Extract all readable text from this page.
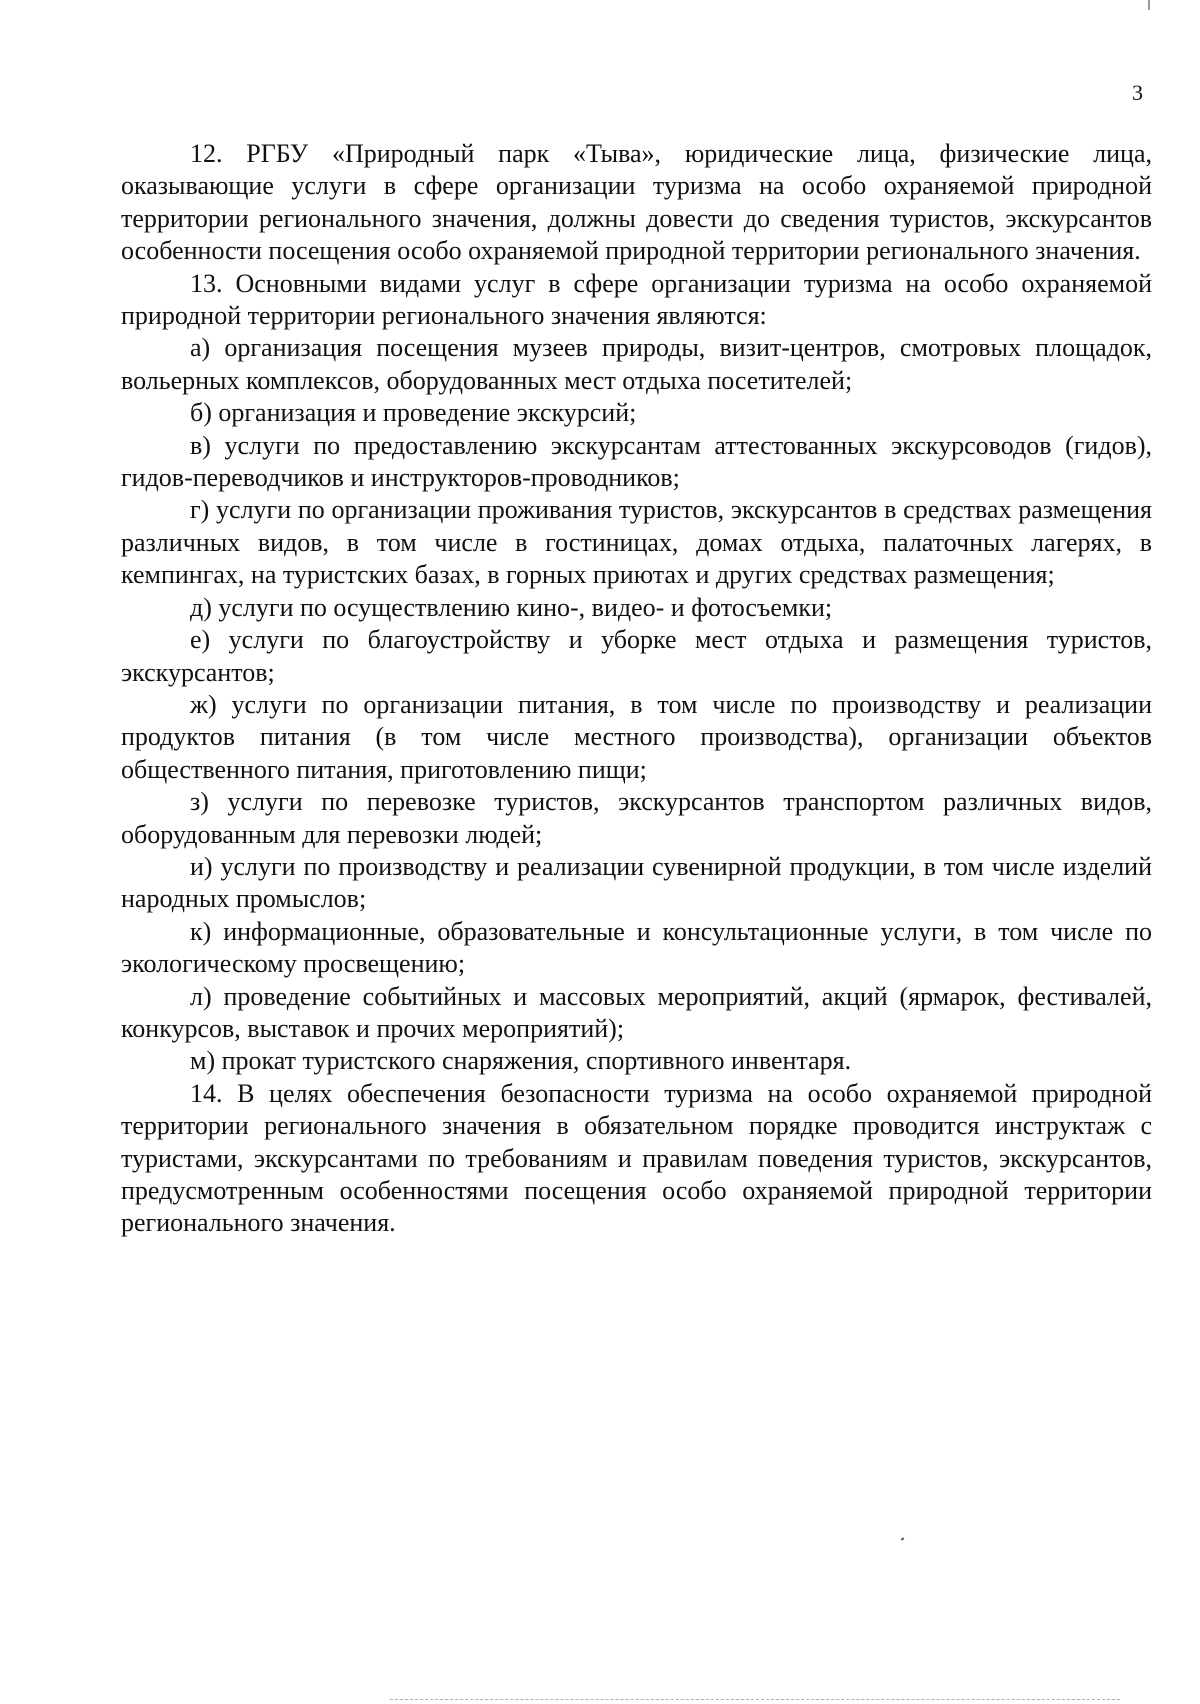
3

12. РГБУ «Природный парк «Тыва», юридические лица, физические лица, оказывающие услуги в сфере организации туризма на особо охраняемой природной территории регионального значения, должны довести до сведения туристов, экскурсантов особенности посещения особо охраняемой природной территории регионального значения.

13. Основными видами услуг в сфере организации туризма на особо охраняемой природной территории регионального значения являются:

а) организация посещения музеев природы, визит-центров, смотровых площадок, вольерных комплексов, оборудованных мест отдыха посетителей;

б) организация и проведение экскурсий;

в) услуги по предоставлению экскурсантам аттестованных экскурсоводов (гидов), гидов-переводчиков и инструкторов-проводников;

г) услуги по организации проживания туристов, экскурсантов в средствах размещения различных видов, в том числе в гостиницах, домах отдыха, палаточных лагерях, в кемпингах, на туристских базах, в горных приютах и других средствах размещения;

д) услуги по осуществлению кино-, видео- и фотосъемки;

е) услуги по благоустройству и уборке мест отдыха и размещения туристов, экскурсантов;

ж) услуги по организации питания, в том числе по производству и реализации продуктов питания (в том числе местного производства), организации объектов общественного питания, приготовлению пищи;

з) услуги по перевозке туристов, экскурсантов транспортом различных видов, оборудованным для перевозки людей;

и) услуги по производству и реализации сувенирной продукции, в том числе изделий народных промыслов;

к) информационные, образовательные и консультационные услуги, в том числе по экологическому просвещению;

л) проведение событийных и массовых мероприятий, акций (ярмарок, фестивалей, конкурсов, выставок и прочих мероприятий);

м) прокат туристского снаряжения, спортивного инвентаря.

14. В целях обеспечения безопасности туризма на особо охраняемой природной территории регионального значения в обязательном порядке проводится инструктаж с туристами, экскурсантами по требованиям и правилам поведения туристов, экскурсантов, предусмотренным особенностями посещения особо охраняемой природной территории регионального значения.
